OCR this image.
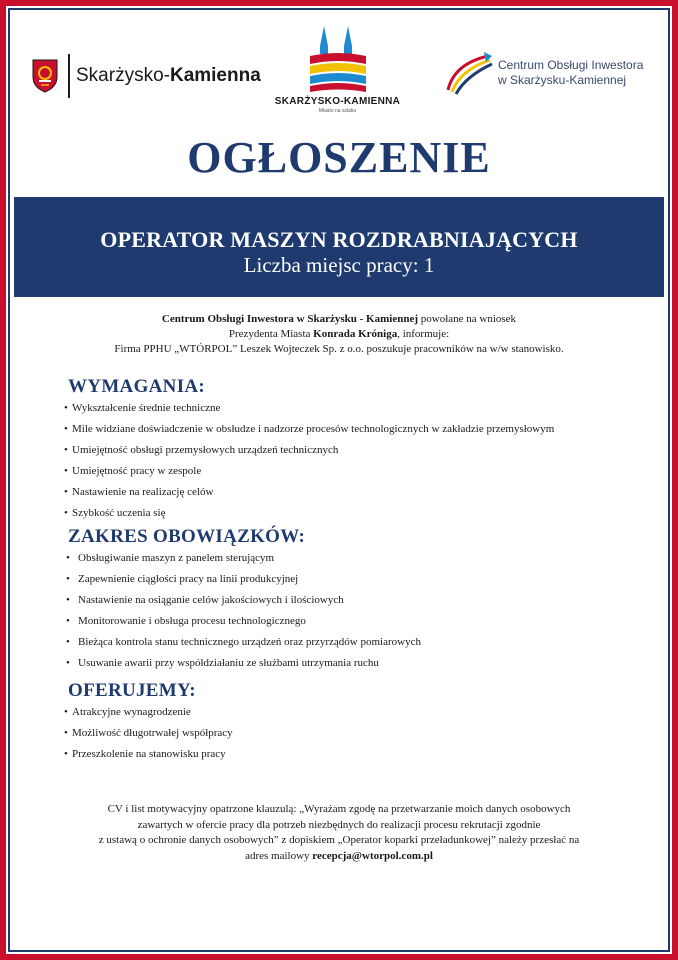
Skarżysko-Kamienna
SKARŻYSKO-KAMIENNA
Miasto na szlaku
Centrum Obsługi Inwestora
w Skarżysku-Kamiennej
OGŁOSZENIE
OPERATOR MASZYN ROZDRABNIAJĄCYCH
Liczba miejsc pracy: 1

Centrum Obsługi Inwestora w Skarżysku - Kamiennej powołane na wniosek

Prezydenta Miasta Konrada Króniga, informuje:

Firma PPHU „WTÓRPOL” Leszek Wojteczek Sp. z o.o. poszukuje pracowników na w/w stanowisko.

WYMAGANIA:
• Wykształcenie średnie techniczne
• Mile widziane doświadczenie w obsłudze i nadzorze procesów technologicznych w zakładzie przemysłowym
• Umiejętność obsługi przemysłowych urządzeń technicznych
• Umiejętność pracy w zespole
• Nastawienie na realizację celów
• Szybkość uczenia się
ZAKRES OBOWIĄZKÓW:
• Obsługiwanie maszyn z panelem sterującym
• Zapewnienie ciągłości pracy na linii produkcyjnej
• Nastawienie na osiąganie celów jakościowych i ilościowych
• Monitorowanie i obsługa procesu technologicznego
• Bieżąca kontrola stanu technicznego urządzeń oraz przyrządów pomiarowych
• Usuwanie awarii przy współdziałaniu ze służbami utrzymania ruchu
OFERUJEMY:
• Atrakcyjne wynagrodzenie
• Możliwość długotrwałej współpracy
• Przeszkolenie na stanowisku pracy
CV i list motywacyjny opatrzone klauzulą: „Wyrażam zgodę na przetwarzanie moich danych osobowych
zawartych w ofercie pracy dla potrzeb niezbędnych do realizacji procesu rekrutacji zgodnie
z ustawą o ochronie danych osobowych” z dopiskiem „Operator koparki przeładunkowej” należy przesłać na
adres mailowy recepcja@wtorpol.com.pl
